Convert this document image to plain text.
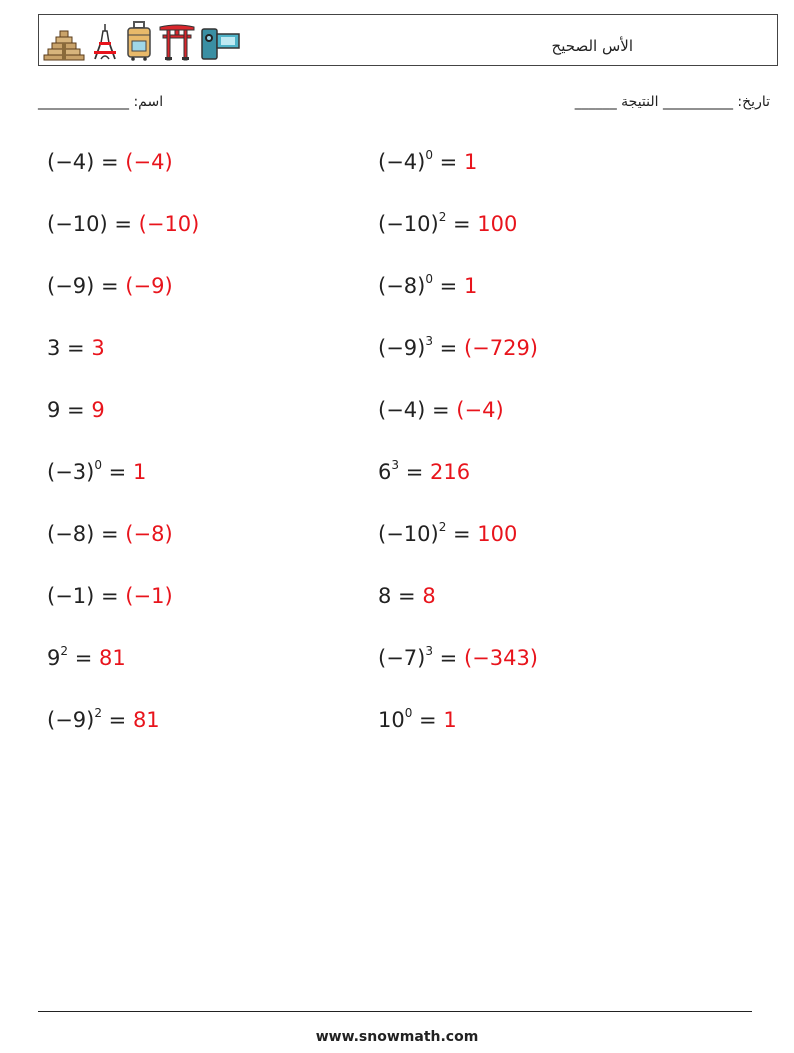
الأس الصحيح
اسم: _____________	تاريخ: __________ النتيجة ______
(−4) = (−4)	$(-4)^0 = 1$
(−10) = (−10)	$(-10)^2 = 100$
(−9) = (−9)	$(-8)^0 = 1$
3 = 3	$(-9)^3 = (-729)$
9 = 9	(−4) = (−4)
$(-3)^0 = 1$	$6^3 = 216$
(−8) = (−8)	$(-10)^2 = 100$
(−1) = (−1)	8 = 8
$9^2 = 81$	$(-7)^3 = (-343)$
$(-9)^2 = 81$	$10^0 = 1$
www.snowmath.com
